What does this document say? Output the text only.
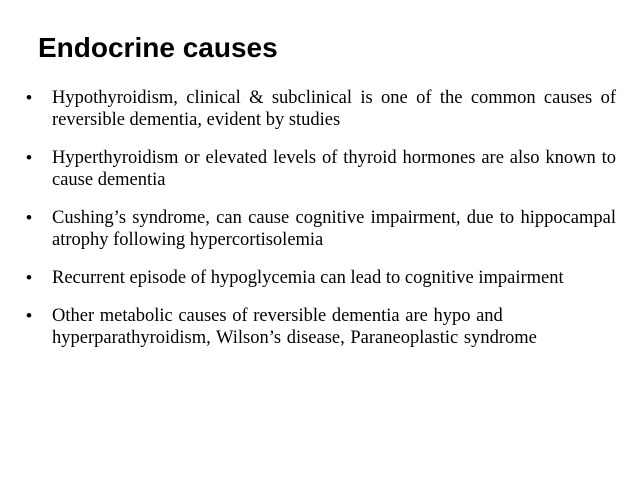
Endocrine causes
•	Hypothyroidism, clinical & subclinical is one of the common causes of reversible dementia, evident by studies
•	Hyperthyroidism or elevated levels of thyroid hormones are also known to cause dementia
•	Cushing’s syndrome, can cause cognitive impairment, due to hippocampal atrophy following hypercortisolemia
•	Recurrent episode of hypoglycemia can lead to cognitive impairment
•	Other metabolic causes of reversible dementia are hypo and hyperparathyroidism, Wilson’s disease, Paraneoplastic syndrome
